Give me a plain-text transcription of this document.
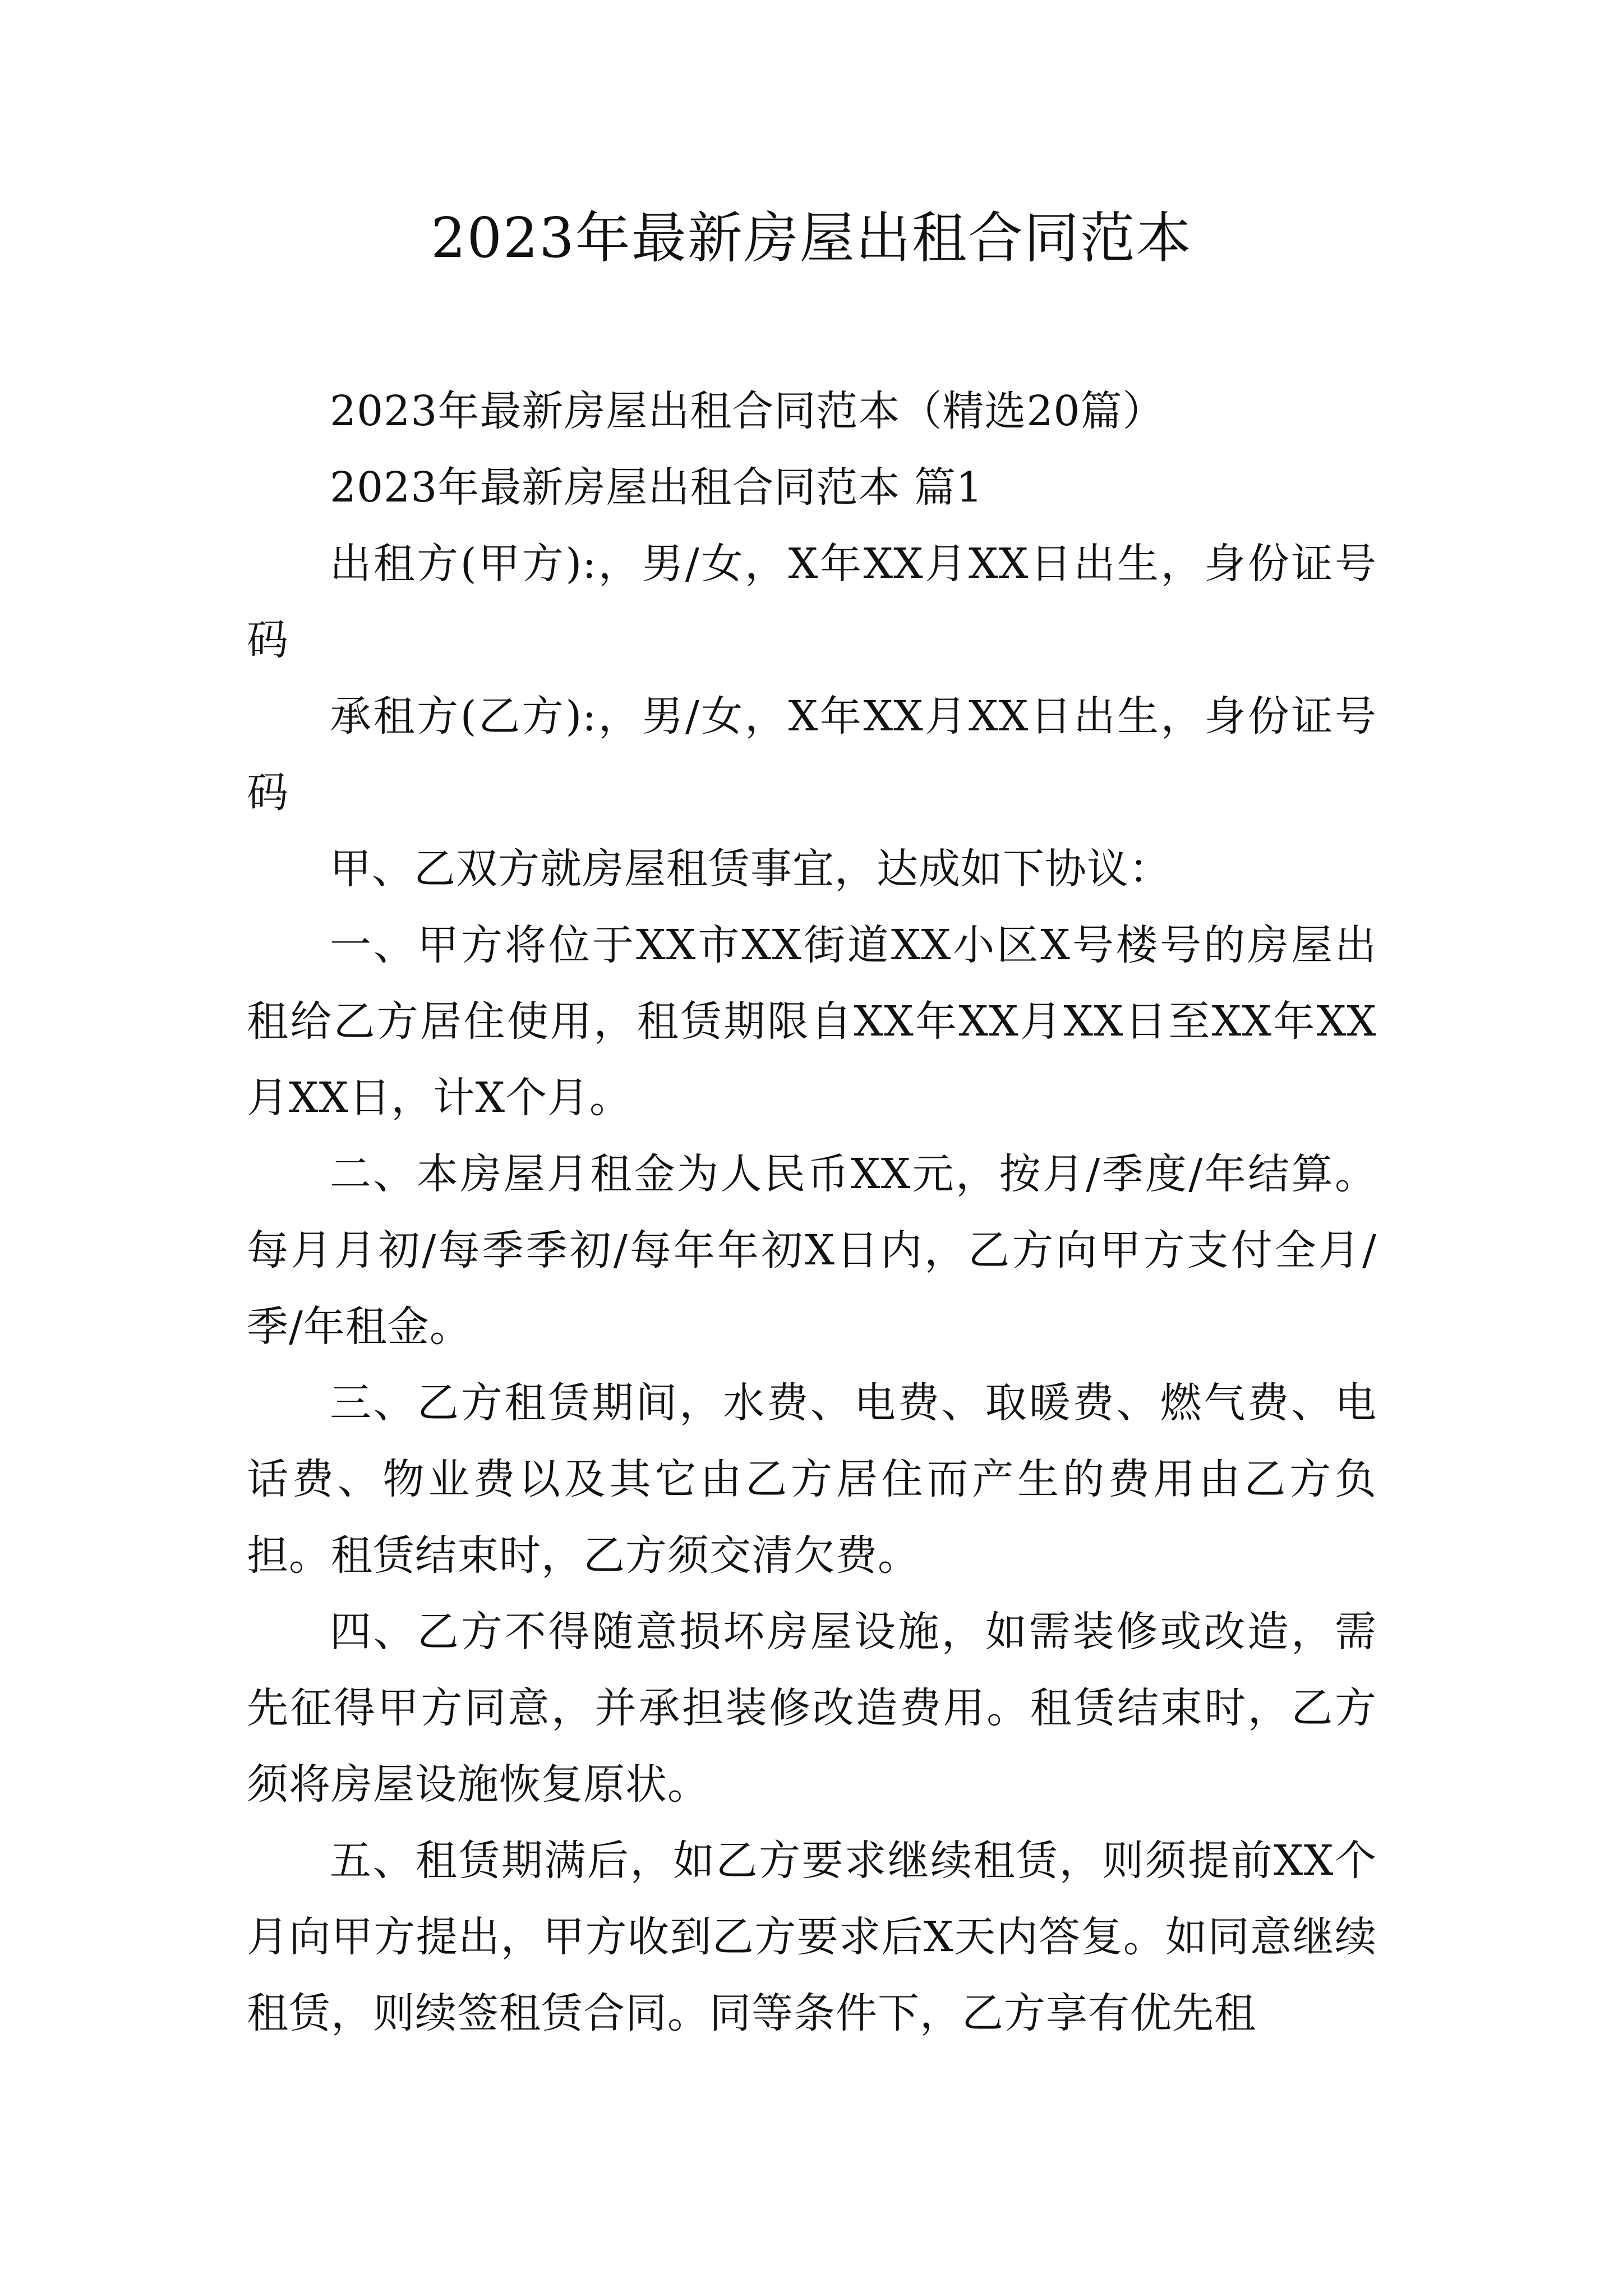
2023年最新房屋出租合同范本

2023年最新房屋出租合同范本（精选20篇）

2023年最新房屋出租合同范本 篇1

出租方(甲方):，男/女，X年XX月XX日出生，身份证号码

承租方(乙方):，男/女，X年XX月XX日出生，身份证号码

甲、乙双方就房屋租赁事宜，达成如下协议：

一、甲方将位于XX市XX街道XX小区X号楼号的房屋出租给乙方居住使用，租赁期限自XX年XX月XX日至XX年XX月XX日，计X个月。

二、本房屋月租金为人民币XX元，按月/季度/年结算。每月月初/每季季初/每年年初X日内，乙方向甲方支付全月/季/年租金。

三、乙方租赁期间，水费、电费、取暖费、燃气费、电话费、物业费以及其它由乙方居住而产生的费用由乙方负担。租赁结束时，乙方须交清欠费。

四、乙方不得随意损坏房屋设施，如需装修或改造，需先征得甲方同意，并承担装修改造费用。租赁结束时，乙方须将房屋设施恢复原状。

五、租赁期满后，如乙方要求继续租赁，则须提前XX个月向甲方提出，甲方收到乙方要求后X天内答复。如同意继续租赁，则续签租赁合同。同等条件下，乙方享有优先租
